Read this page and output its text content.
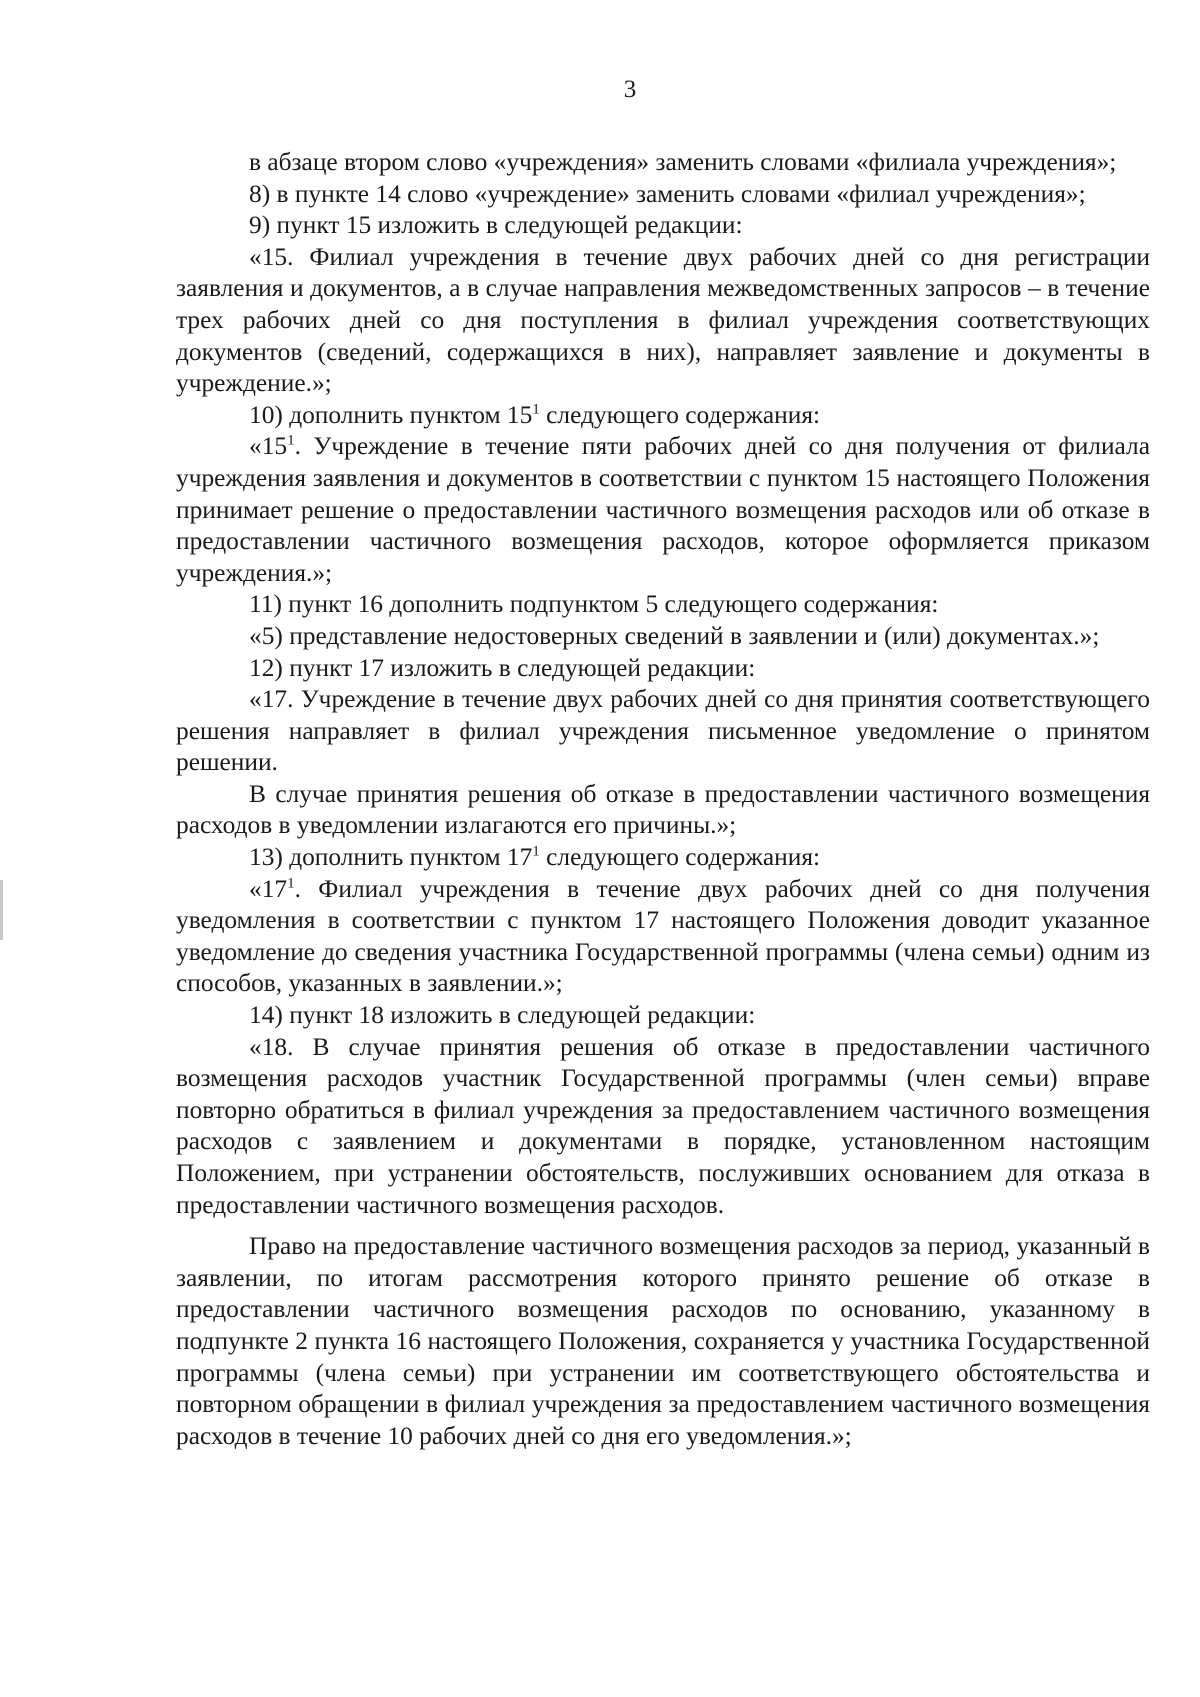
3

в абзаце втором слово «учреждения» заменить словами «филиала учреждения»;

8) в пункте 14 слово «учреждение» заменить словами «филиал учреждения»;

9) пункт 15 изложить в следующей редакции:

«15. Филиал учреждения в течение двух рабочих дней со дня регистрации заявления и документов, а в случае направления межведомственных запросов – в течение трех рабочих дней со дня поступления в филиал учреждения соответствующих документов (сведений, содержащихся в них), направляет заявление и документы в учреждение.»;

10) дополнить пунктом $15^1$ следующего содержания:

«$15^1$. Учреждение в течение пяти рабочих дней со дня получения от филиала учреждения заявления и документов в соответствии с пунктом 15 настоящего Положения принимает решение о предоставлении частичного возмещения расходов или об отказе в предоставлении частичного возмещения расходов, которое оформляется приказом учреждения.»;

11) пункт 16 дополнить подпунктом 5 следующего содержания:

«5) представление недостоверных сведений в заявлении и (или) документах.»;

12) пункт 17 изложить в следующей редакции:

«17. Учреждение в течение двух рабочих дней со дня принятия соответствующего решения направляет в филиал учреждения письменное уведомление о принятом решении.

В случае принятия решения об отказе в предоставлении частичного возмещения расходов в уведомлении излагаются его причины.»;

13) дополнить пунктом $17^1$ следующего содержания:

«$17^1$. Филиал учреждения в течение двух рабочих дней со дня получения уведомления в соответствии с пунктом 17 настоящего Положения доводит указанное уведомление до сведения участника Государственной программы (члена семьи) одним из способов, указанных в заявлении.»;

14) пункт 18 изложить в следующей редакции:

«18. В случае принятия решения об отказе в предоставлении частичного возмещения расходов участник Государственной программы (член семьи) вправе повторно обратиться в филиал учреждения за предоставлением частичного возмещения расходов с заявлением и документами в порядке, установленном настоящим Положением, при устранении обстоятельств, послуживших основанием для отказа в предоставлении частичного возмещения расходов.

Право на предоставление частичного возмещения расходов за период, указанный в заявлении, по итогам рассмотрения которого принято решение об отказе в предоставлении частичного возмещения расходов по основанию, указанному в подпункте 2 пункта 16 настоящего Положения, сохраняется у участника Государственной программы (члена семьи) при устранении им соответствующего обстоятельства и повторном обращении в филиал учреждения за предоставлением частичного возмещения расходов в течение 10 рабочих дней со дня его уведомления.»;
